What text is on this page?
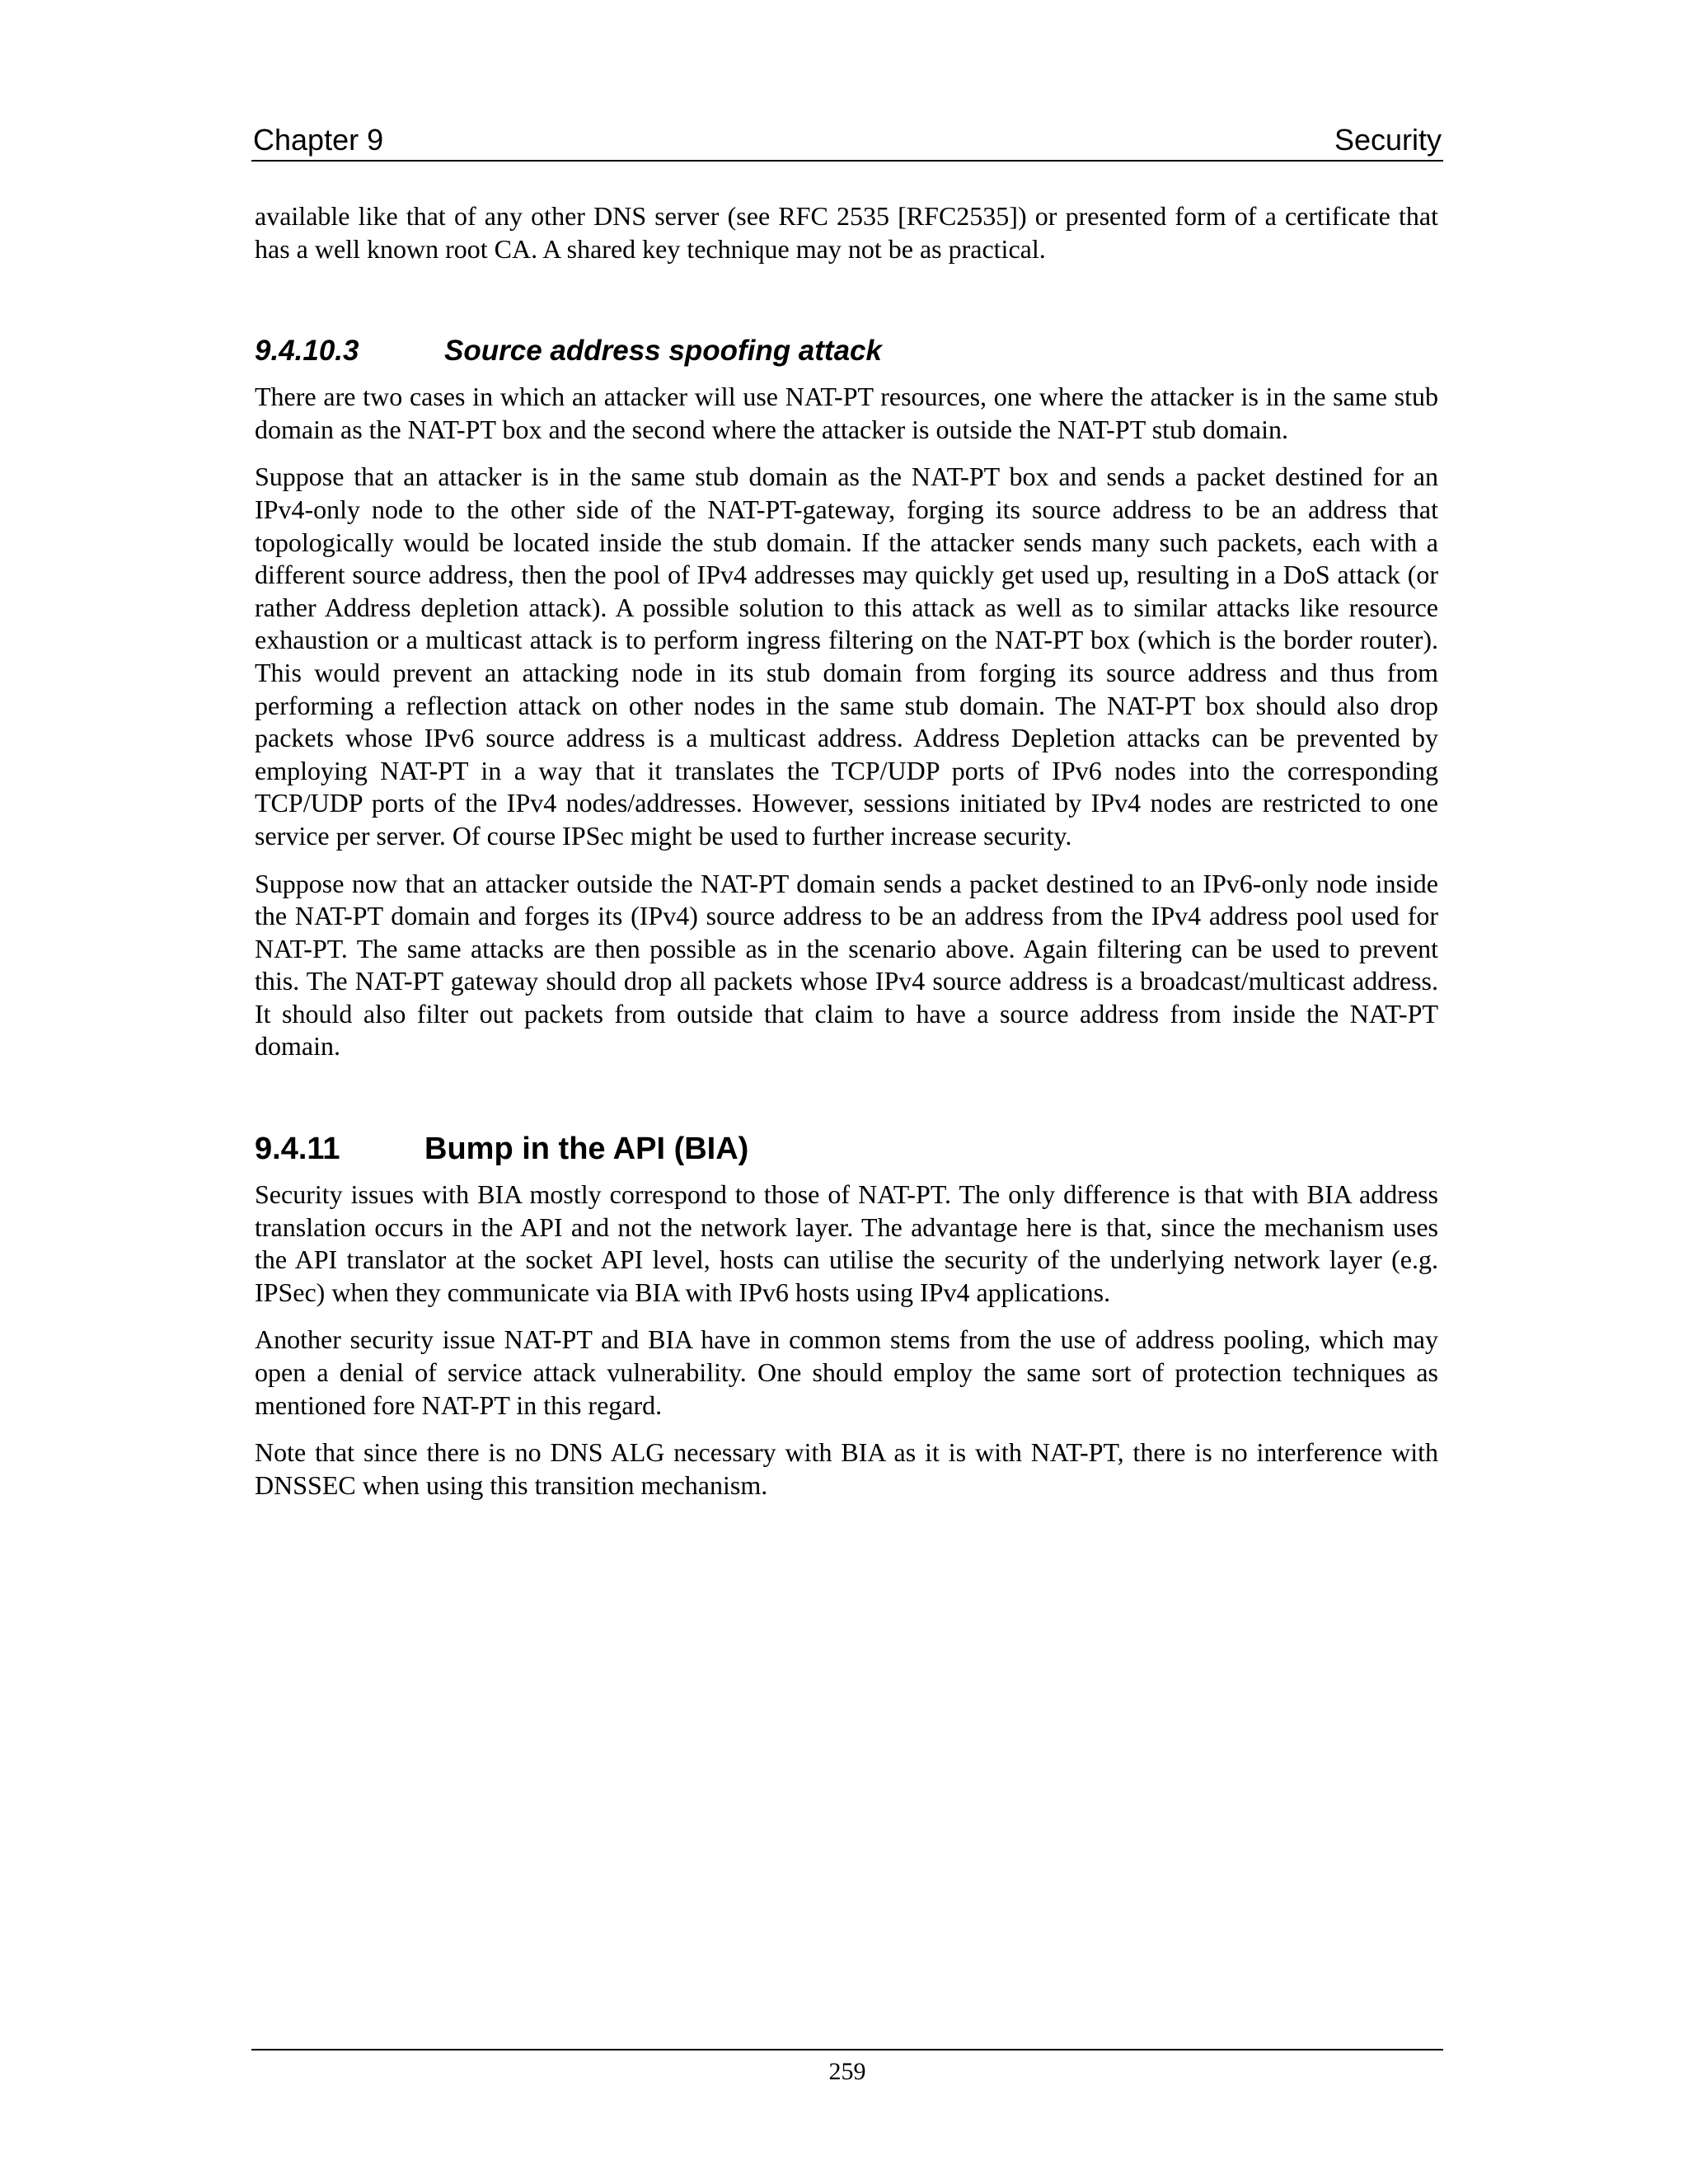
Chapter 9	Security

available like that of any other DNS server (see RFC 2535 [RFC2535]) or presented form of a certificate that has a well known root CA. A shared key technique may not be as practical.

9.4.10.3	Source address spoofing attack

There are two cases in which an attacker will use NAT-PT resources, one where the attacker is in the same stub domain as the NAT-PT box and the second where the attacker is outside the NAT-PT stub domain.

Suppose that an attacker is in the same stub domain as the NAT-PT box and sends a packet destined for an IPv4-only node to the other side of the NAT-PT-gateway, forging its source address to be an address that topologically would be located inside the stub domain. If the attacker sends many such packets, each with a different source address, then the pool of IPv4 addresses may quickly get used up, resulting in a DoS attack (or rather Address depletion attack). A possible solution to this attack as well as to similar attacks like resource exhaustion or a multicast attack is to perform ingress filtering on the NAT-PT box (which is the border router). This would prevent an attacking node in its stub domain from forging its source address and thus from performing a reflection attack on other nodes in the same stub domain. The NAT-PT box should also drop packets whose IPv6 source address is a multicast address. Address Depletion attacks can be prevented by employing NAT-PT in a way that it translates the TCP/UDP ports of IPv6 nodes into the corresponding TCP/UDP ports of the IPv4 nodes/addresses. However, sessions initiated by IPv4 nodes are restricted to one service per server. Of course IPSec might be used to further increase security.

Suppose now that an attacker outside the NAT-PT domain sends a packet destined to an IPv6-only node inside the NAT-PT domain and forges its (IPv4) source address to be an address from the IPv4 address pool used for NAT-PT. The same attacks are then possible as in the scenario above. Again filtering can be used to prevent this. The NAT-PT gateway should drop all packets whose IPv4 source address is a broadcast/multicast address. It should also filter out packets from outside that claim to have a source address from inside the NAT-PT domain.

9.4.11	Bump in the API (BIA)

Security issues with BIA mostly correspond to those of NAT-PT. The only difference is that with BIA address translation occurs in the API and not the network layer. The advantage here is that, since the mechanism uses the API translator at the socket API level, hosts can utilise the security of the underlying network layer (e.g. IPSec) when they communicate via BIA with IPv6 hosts using IPv4 applications.

Another security issue NAT-PT and BIA have in common stems from the use of address pooling, which may open a denial of service attack vulnerability. One should employ the same sort of protection techniques as mentioned fore NAT-PT in this regard.

Note that since there is no DNS ALG necessary with BIA as it is with NAT-PT, there is no interference with DNSSEC when using this transition mechanism.

259
